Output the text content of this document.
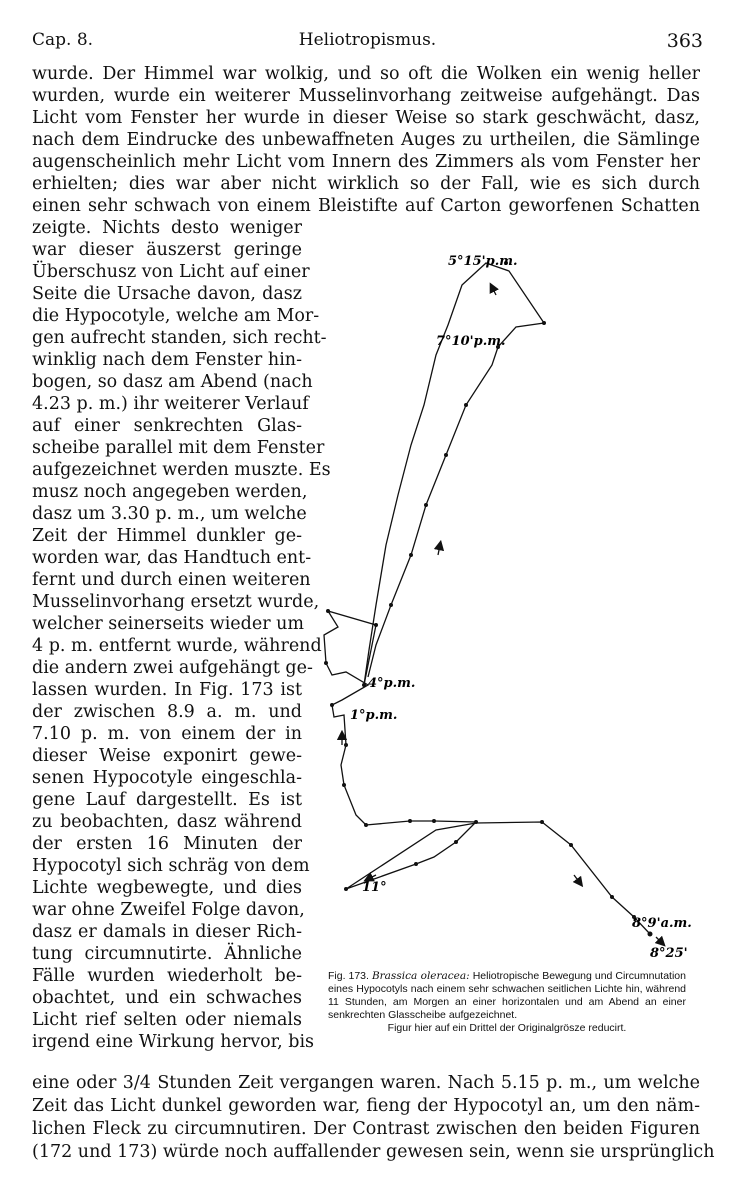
Cap. 8.	Heliotropismus.	363
wurde. Der Himmel war wolkig, und so oft die Wolken ein wenig heller
wurden, wurde ein weiterer Musselinvorhang zeitweise aufgehängt. Das
Licht vom Fenster her wurde in dieser Weise so stark geschwächt, dasz,
nach dem Eindrucke des unbewaffneten Auges zu urtheilen, die Sämlinge
augenscheinlich mehr Licht vom Innern des Zimmers als vom Fenster her
erhielten; dies war aber nicht wirklich so der Fall, wie es sich durch
einen sehr schwach von einem Bleistifte auf Carton geworfenen Schatten
zeigte. Nichts desto weniger
war dieser äuszerst geringe
Überschusz von Licht auf einer
Seite die Ursache davon, dasz
die Hypocotyle, welche am Mor-
gen aufrecht standen, sich recht-
winklig nach dem Fenster hin-
bogen, so dasz am Abend (nach
4.23 p. m.) ihr weiterer Verlauf
auf einer senkrechten Glas-
scheibe parallel mit dem Fenster
aufgezeichnet werden muszte. Es
musz noch angegeben werden,
dasz um 3.30 p. m., um welche
Zeit der Himmel dunkler ge-
worden war, das Handtuch ent-
fernt und durch einen weiteren
Musselinvorhang ersetzt wurde,
welcher seinerseits wieder um
4 p. m. entfernt wurde, während
die andern zwei aufgehängt ge-
lassen wurden. In Fig. 173 ist
der zwischen 8.9 a. m. und
7.10 p. m. von einem der in
dieser Weise exponirt gewe-
senen Hypocotyle eingeschla-
gene Lauf dargestellt. Es ist
zu beobachten, dasz während
der ersten 16 Minuten der
Hypocotyl sich schräg von dem
Lichte wegbewegte, und dies
war ohne Zweifel Folge davon,
dasz er damals in dieser Rich-
tung circumnutirte. Ähnliche
Fälle wurden wiederholt be-
obachtet, und ein schwaches
Licht rief selten oder niemals
irgend eine Wirkung hervor, bis
5°15'p.m.
7°10'p.m.
4°p.m.
1°p.m.
11°
8°9'a.m.
8°25'
Fig. 173. Brassica oleracea: Heliotropische Bewegung und Circumnutation eines Hypocotyls nach einem sehr schwachen seitlichen Lichte hin, während 11 Stunden, am Morgen an einer horizontalen und am Abend an einer senkrechten Glasscheibe aufgezeichnet.
Figur hier auf ein Drittel der Originalgrösze reducirt.
eine oder 3/4 Stunden Zeit vergangen waren. Nach 5.15 p. m., um welche
Zeit das Licht dunkel geworden war, fieng der Hypocotyl an, um den näm-
lichen Fleck zu circumnutiren. Der Contrast zwischen den beiden Figuren
(172 und 173) würde noch auffallender gewesen sein, wenn sie ursprünglich
